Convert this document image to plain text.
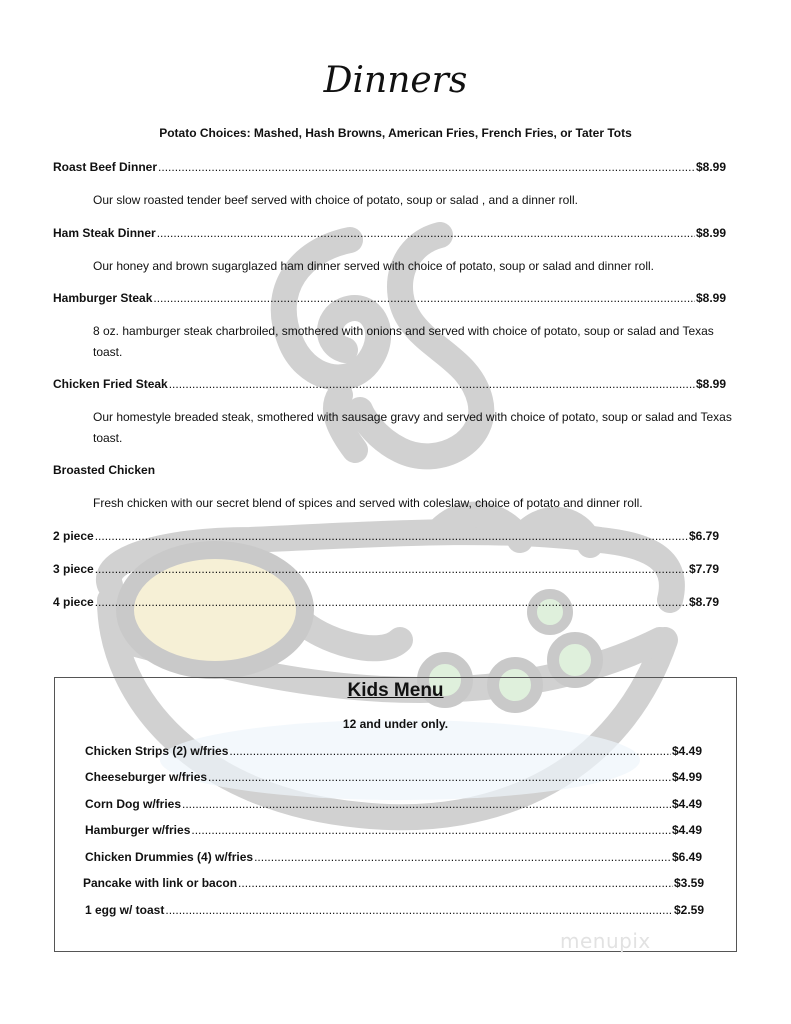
Dinners
Potato Choices: Mashed, Hash Browns, American Fries, French Fries, or Tater Tots
Roast Beef Dinner .....	$8.99
Our slow roasted tender beef served with choice of potato, soup or salad , and a dinner roll.
Ham Steak Dinner .....	$8.99
Our honey and brown sugarglazed ham dinner served with choice of potato, soup or salad and dinner roll.
Hamburger Steak .....	$8.99
8 oz. hamburger steak charbroiled, smothered with onions and served with choice of potato, soup or salad and Texas toast.
Chicken Fried Steak .....	$8.99
Our homestyle breaded steak, smothered with sausage gravy and served with choice of potato, soup or salad and Texas toast.
Broasted Chicken
Fresh chicken with our secret blend of spices and served with coleslaw, choice of potato and dinner roll.
2 piece .....	$6.79
3 piece .....	$7.79
4 piece .....	$8.79
Kids Menu
12 and under only.
Chicken Strips (2) w/fries .....	$4.49
Cheeseburger w/fries .....	$4.99
Corn Dog w/fries .....	$4.49
Hamburger w/fries .....	$4.49
Chicken Drummies (4) w/fries .....	$6.49
Pancake with link or bacon .....	$3.59
1 egg w/ toast .....	$2.59
menupix
